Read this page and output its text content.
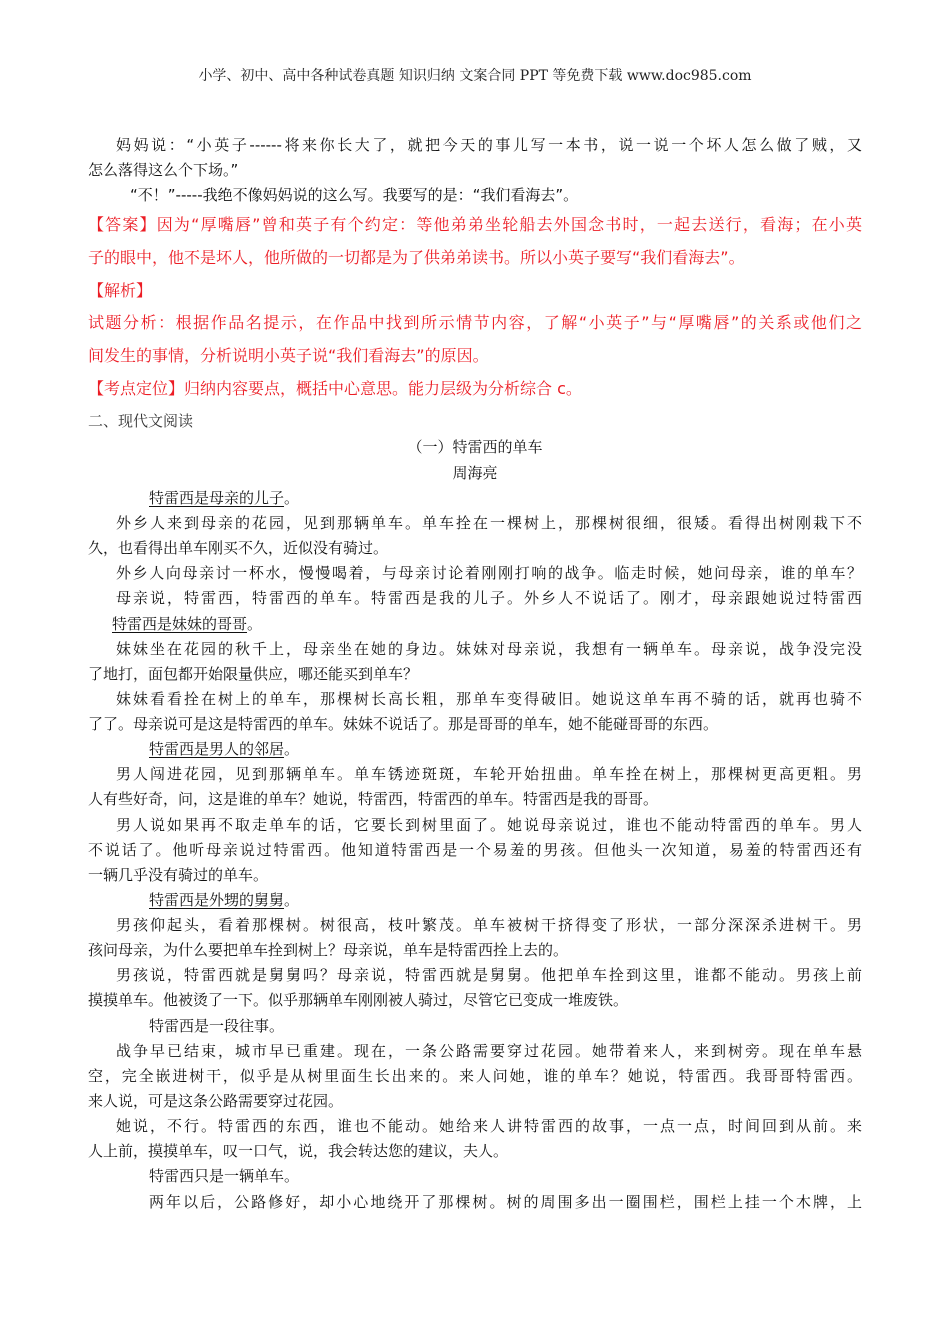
小学、初中、高中各种试卷真题 知识归纳 文案合同 PPT 等免费下载 www.doc985.com
妈妈说：“小英子------将来你长大了，就把今天的事儿写一本书，说一说一个坏人怎么做了贼，又
怎么落得这么个下场。”
“不！”-----我绝不像妈妈说的这么写。我要写的是：“我们看海去”。
【答案】因为“厚嘴唇”曾和英子有个约定：等他弟弟坐轮船去外国念书时，一起去送行，看海；在小英
子的眼中，他不是坏人，他所做的一切都是为了供弟弟读书。所以小英子要写“我们看海去”。
【解析】
试题分析：根据作品名提示，在作品中找到所示情节内容，了解“小英子”与“厚嘴唇”的关系或他们之
间发生的事情，分析说明小英子说“我们看海去”的原因。
【考点定位】归纳内容要点，概括中心意思。能力层级为分析综合 c。
二、现代文阅读
（一）特雷西的单车
周海亮
特雷西是母亲的儿子。
外乡人来到母亲的花园，见到那辆单车。单车拴在一棵树上，那棵树很细，很矮。看得出树刚栽下不
久，也看得出单车刚买不久，近似没有骑过。
外乡人向母亲讨一杯水，慢慢喝着，与母亲讨论着刚刚打响的战争。临走时候，她问母亲，谁的单车？
母亲说，特雷西，特雷西的单车。特雷西是我的儿子。外乡人不说话了。刚才，母亲跟她说过特雷西
特雷西是妹妹的哥哥。
妹妹坐在花园的秋千上，母亲坐在她的身边。妹妹对母亲说，我想有一辆单车。母亲说，战争没完没
了地打，面包都开始限量供应，哪还能买到单车？
妹妹看看拴在树上的单车，那棵树长高长粗，那单车变得破旧。她说这单车再不骑的话，就再也骑不
了了。母亲说可是这是特雷西的单车。妹妹不说话了。那是哥哥的单车，她不能碰哥哥的东西。
特雷西是男人的邻居。
男人闯进花园，见到那辆单车。单车锈迹斑斑，车轮开始扭曲。单车拴在树上，那棵树更高更粗。男
人有些好奇，问，这是谁的单车？她说，特雷西，特雷西的单车。特雷西是我的哥哥。
男人说如果再不取走单车的话，它要长到树里面了。她说母亲说过，谁也不能动特雷西的单车。男人
不说话了。他听母亲说过特雷西。他知道特雷西是一个易羞的男孩。但他头一次知道，易羞的特雷西还有
一辆几乎没有骑过的单车。
特雷西是外甥的舅舅。
男孩仰起头，看着那棵树。树很高，枝叶繁茂。单车被树干挤得变了形状，一部分深深杀进树干。男
孩问母亲，为什么要把单车拴到树上？母亲说，单车是特雷西拴上去的。
男孩说，特雷西就是舅舅吗？母亲说，特雷西就是舅舅。他把单车拴到这里，谁都不能动。男孩上前
摸摸单车。他被烫了一下。似乎那辆单车刚刚被人骑过，尽管它已变成一堆废铁。
特雷西是一段往事。
战争早已结束，城市早已重建。现在，一条公路需要穿过花园。她带着来人，来到树旁。现在单车悬
空，完全嵌进树干，似乎是从树里面生长出来的。来人问她，谁的单车？她说，特雷西。我哥哥特雷西。
来人说，可是这条公路需要穿过花园。
她说，不行。特雷西的东西，谁也不能动。她给来人讲特雷西的故事，一点一点，时间回到从前。来
人上前，摸摸单车，叹一口气，说，我会转达您的建议，夫人。
特雷西只是一辆单车。
两年以后，公路修好，却小心地绕开了那棵树。树的周围多出一圈围栏，围栏上挂一个木牌，上
